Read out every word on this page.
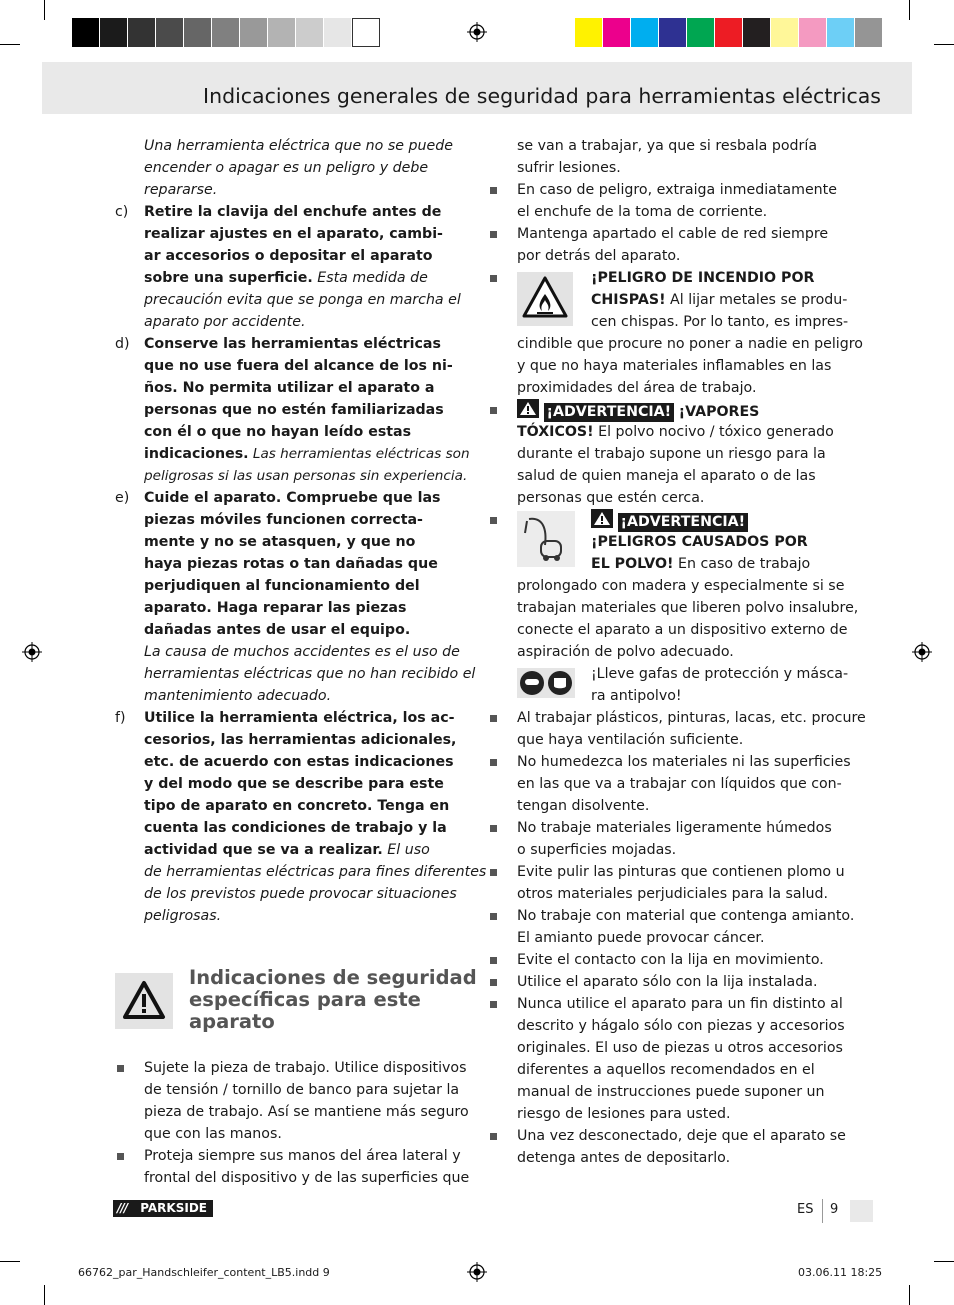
Indicaciones generales de seguridad para herramientas eléctricas
Una herramienta eléctrica que no se puede
encender o apagar es un peligro y debe
repararse.
c) Retire la clavija del enchufe antes de
realizar ajustes en el aparato, cambi-
ar accesorios o depositar el aparato
sobre una superficie. Esta medida de
precaución evita que se ponga en marcha el
aparato por accidente.
d) Conserve las herramientas eléctricas
que no use fuera del alcance de los ni-
ños. No permita utilizar el aparato a
personas que no estén familiarizadas
con él o que no hayan leído estas
indicaciones. Las herramientas eléctricas son
peligrosas si las usan personas sin experiencia.
e) Cuide el aparato. Compruebe que las
piezas móviles funcionen correcta-
mente y no se atasquen, y que no
haya piezas rotas o tan dañadas que
perjudiquen al funcionamiento del
aparato. Haga reparar las piezas
dañadas antes de usar el equipo.
La causa de muchos accidentes es el uso de
herramientas eléctricas que no han recibido el
mantenimiento adecuado.
f) Utilice la herramienta eléctrica, los ac-
cesorios, las herramientas adicionales,
etc. de acuerdo con estas indicaciones
y del modo que se describe para este
tipo de aparato en concreto. Tenga en
cuenta las condiciones de trabajo y la
actividad que se va a realizar. El uso
de herramientas eléctricas para fines diferentes
de los previstos puede provocar situaciones
peligrosas.
Indicaciones de seguridad
específicas para este
aparato
Sujete la pieza de trabajo. Utilice dispositivos
de tensión / tornillo de banco para sujetar la
pieza de trabajo. Así se mantiene más seguro
que con las manos.
Proteja siempre sus manos del área lateral y
frontal del dispositivo y de las superficies que
se van a trabajar, ya que si resbala podría
sufrir lesiones.
En caso de peligro, extraiga inmediatamente
el enchufe de la toma de corriente.
Mantenga apartado el cable de red siempre
por detrás del aparato.
¡PELIGRO DE INCENDIO POR
CHISPAS! Al lijar metales se produ-
cen chispas. Por lo tanto, es impres-
cindible que procure no poner a nadie en peligro
y que no haya materiales inflamables en las
proximidades del área de trabajo.
¡ADVERTENCIA! ¡VAPORES
TÓXICOS! El polvo nocivo / tóxico generado
durante el trabajo supone un riesgo para la
salud de quien maneja el aparato o de las
personas que estén cerca.
¡ADVERTENCIA!
¡PELIGROS CAUSADOS POR
EL POLVO! En caso de trabajo
prolongado con madera y especialmente si se
trabajan materiales que liberen polvo insalubre,
conecte el aparato a un dispositivo externo de
aspiración de polvo adecuado.
¡Lleve gafas de protección y másca-
ra antipolvo!
Al trabajar plásticos, pinturas, lacas, etc. procure
que haya ventilación suficiente.
No humedezca los materiales ni las superficies
en las que va a trabajar con líquidos que con-
tengan disolvente.
No trabaje materiales ligeramente húmedos
o superficies mojadas.
Evite pulir las pinturas que contienen plomo u
otros materiales perjudiciales para la salud.
No trabaje con material que contenga amianto.
El amianto puede provocar cáncer.
Evite el contacto con la lija en movimiento.
Utilice el aparato sólo con la lija instalada.
Nunca utilice el aparato para un fin distinto al
descrito y hágalo sólo con piezas y accesorios
originales. El uso de piezas u otros accesorios
diferentes a aquellos recomendados en el
manual de instrucciones puede suponer un
riesgo de lesiones para usted.
Una vez desconectado, deje que el aparato se
detenga antes de depositarlo.
/// PARKSIDE	ES 9
66762_par_Handschleifer_content_LB5.indd 9	03.06.11 18:25
